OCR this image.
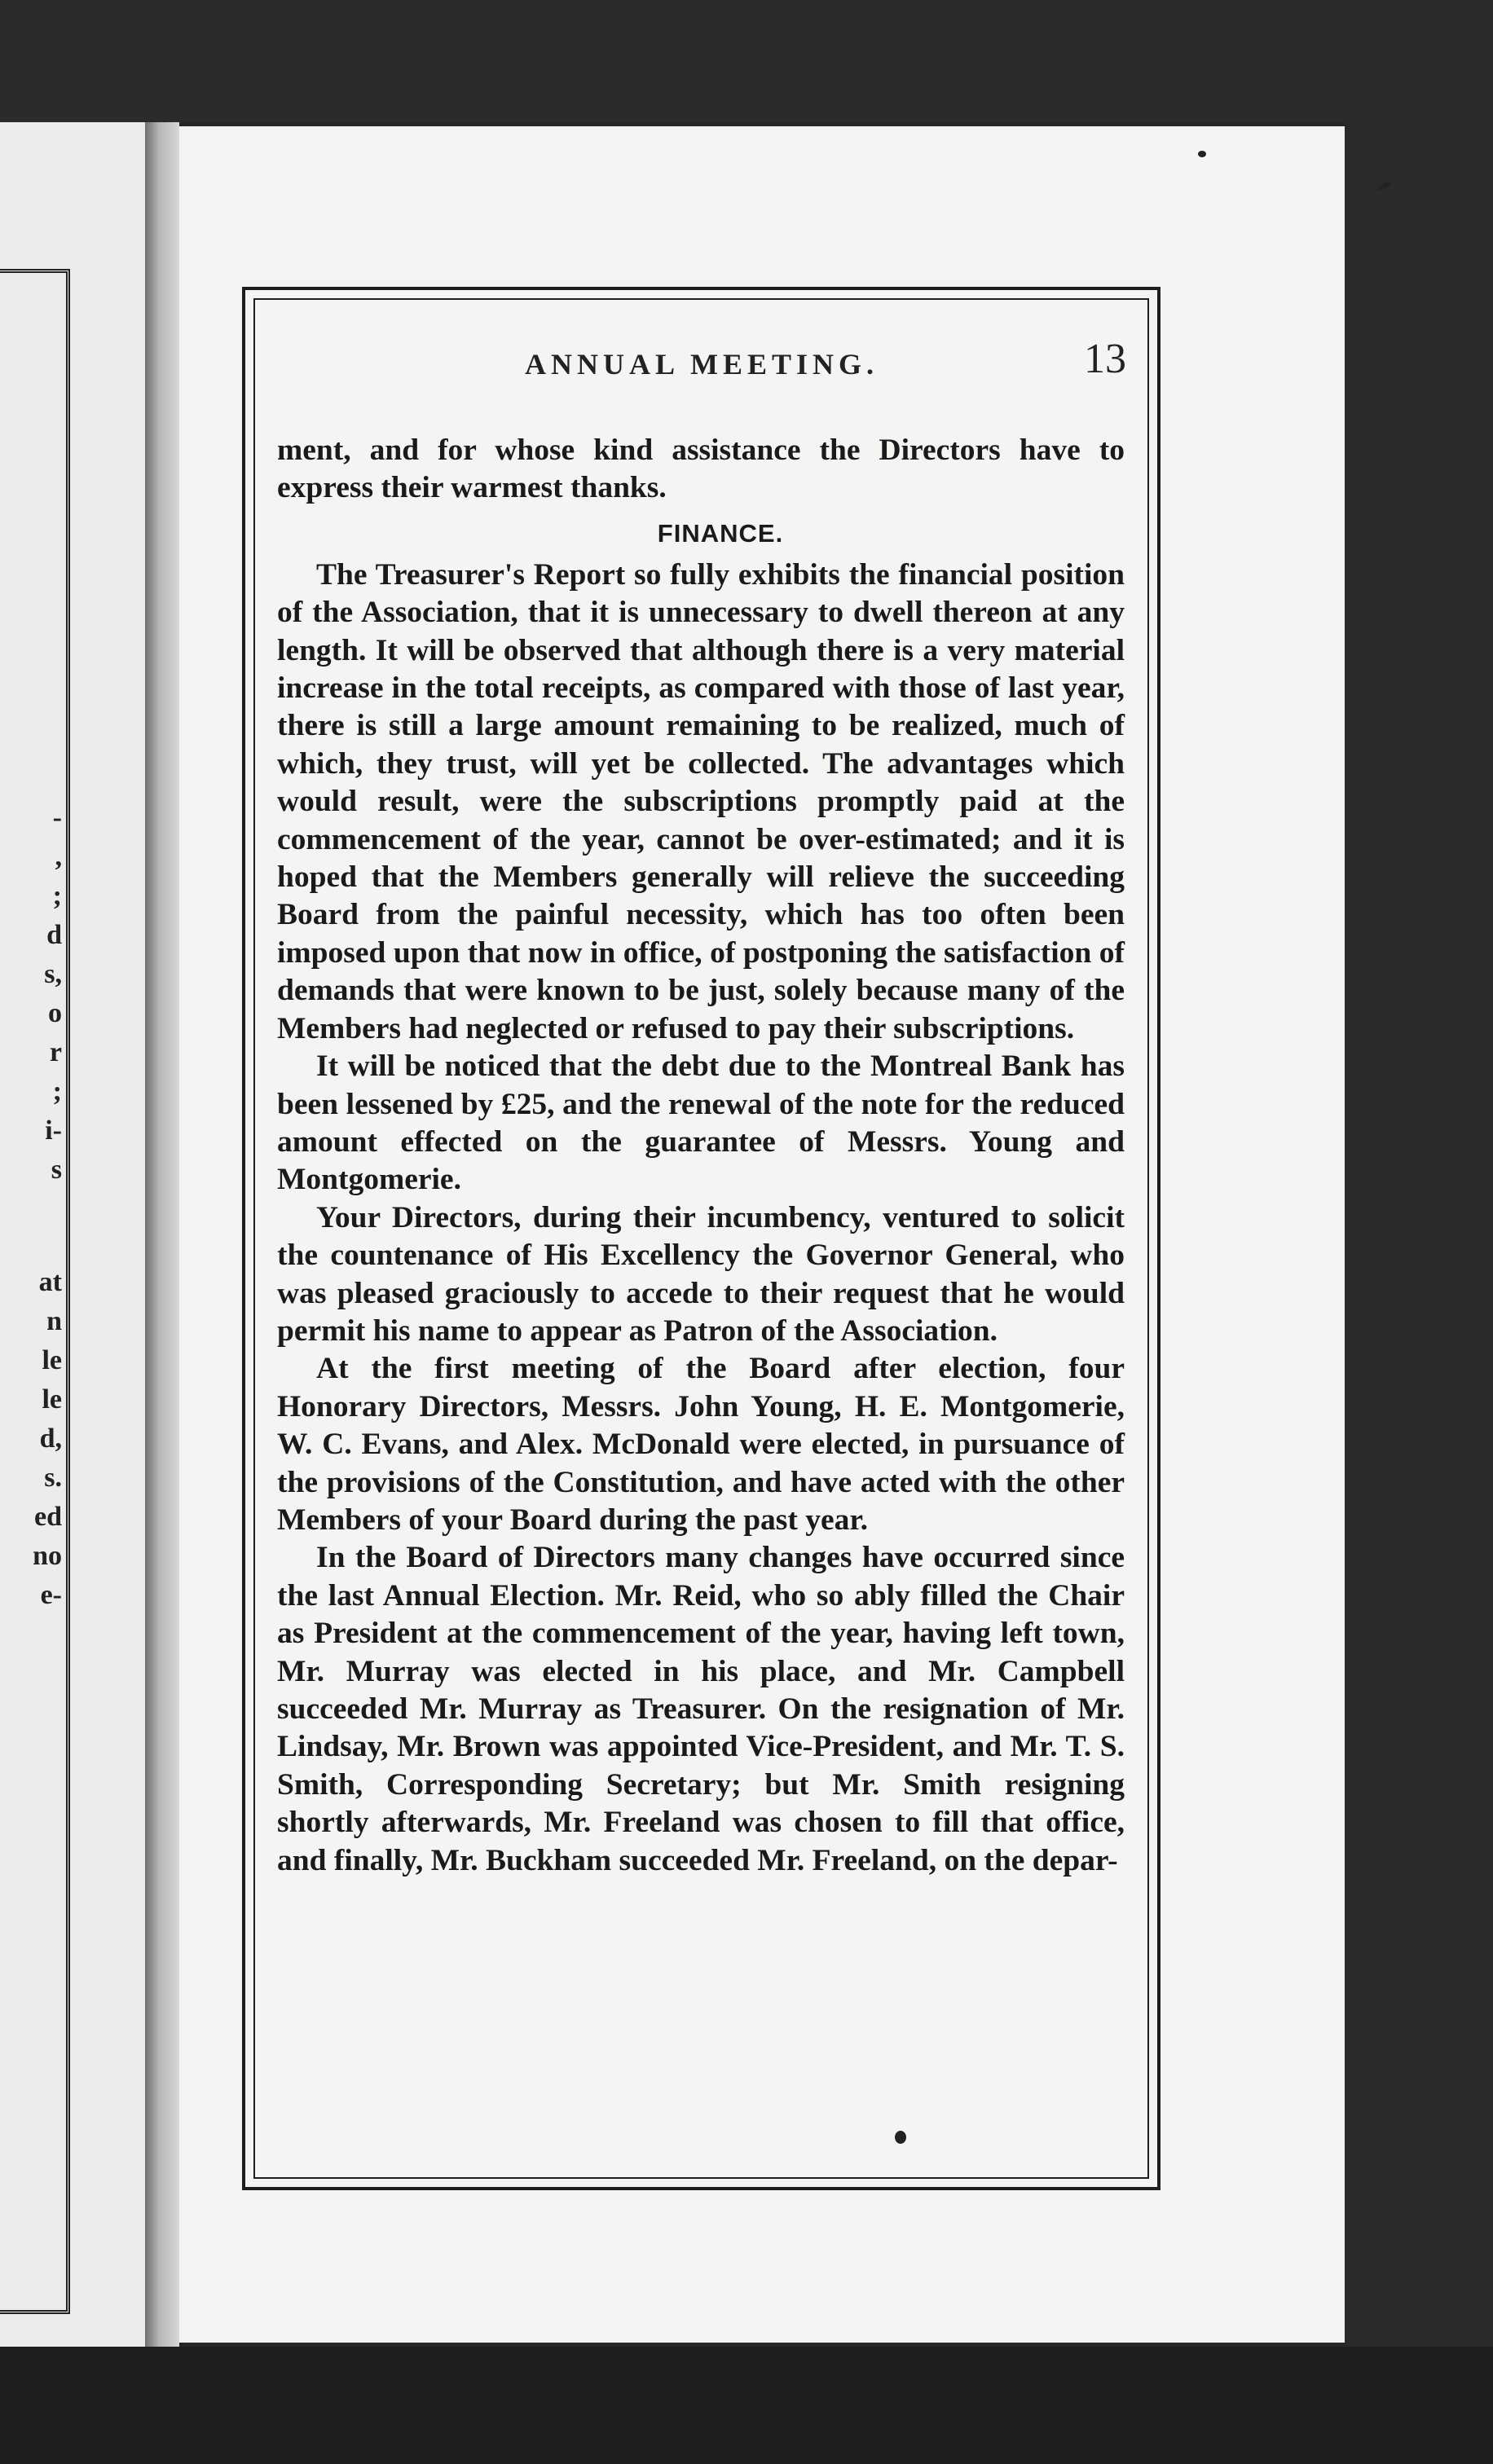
-
,
;
d
s,
o
r
;
i-
s
at
n
le
le
d,
s.
ed
no
e-
ANNUAL MEETING.	13

ment, and for whose kind assistance the Directors have to express their warmest thanks.

FINANCE.

The Treasurer's Report so fully exhibits the financial position of the Association, that it is unnecessary to dwell thereon at any length. It will be observed that although there is a very material increase in the total receipts, as compared with those of last year, there is still a large amount remaining to be realized, much of which, they trust, will yet be collected. The advantages which would result, were the subscriptions promptly paid at the commencement of the year, cannot be over-estimated; and it is hoped that the Members generally will relieve the succeeding Board from the painful necessity, which has too often been imposed upon that now in office, of postponing the satisfaction of demands that were known to be just, solely because many of the Members had neglected or refused to pay their subscriptions.

It will be noticed that the debt due to the Montreal Bank has been lessened by £25, and the renewal of the note for the reduced amount effected on the guarantee of Messrs. Young and Montgomerie.

Your Directors, during their incumbency, ventured to solicit the countenance of His Excellency the Governor General, who was pleased graciously to accede to their request that he would permit his name to appear as Patron of the Association.

At the first meeting of the Board after election, four Honorary Directors, Messrs. John Young, H. E. Montgomerie, W. C. Evans, and Alex. McDonald were elected, in pursuance of the provisions of the Constitution, and have acted with the other Members of your Board during the past year.

In the Board of Directors many changes have occurred since the last Annual Election. Mr. Reid, who so ably filled the Chair as President at the commencement of the year, having left town, Mr. Murray was elected in his place, and Mr. Campbell succeeded Mr. Murray as Treasurer. On the resignation of Mr. Lindsay, Mr. Brown was appointed Vice-President, and Mr. T. S. Smith, Corresponding Secretary; but Mr. Smith resigning shortly afterwards, Mr. Freeland was chosen to fill that office, and finally, Mr. Buckham succeeded Mr. Freeland, on the depar-
